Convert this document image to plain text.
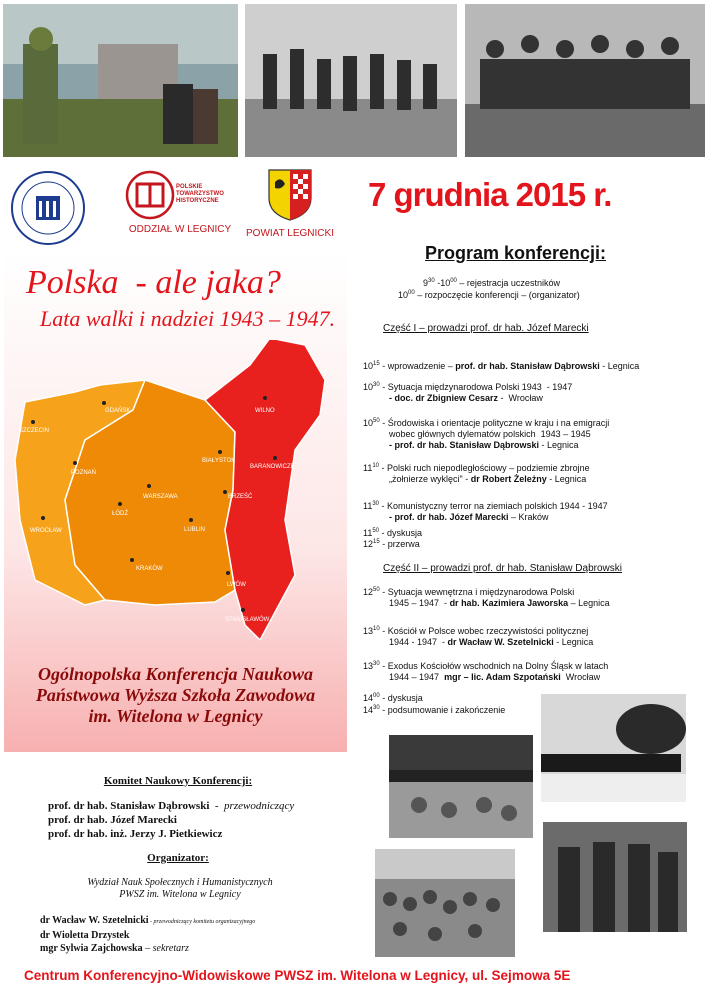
POLSKIE
TOWARZYSTWO
HISTORYCZNE
ODDZIAŁ W LEGNICY	POWIAT LEGNICKI
7 grudnia 2015 r.
Polska  - ale jaka?
Lata walki i nadziei 1943 – 1947.
GDAŃSK
SZCZECIN
WILNO
BIAŁYSTOK
BARANOWICZE
POZNAŃ
WARSZAWA	BRZEŚĆ
ŁÓDŹ
WROCŁAW	LUBLIN
KRAKÓW
LWÓW
STANISŁAWÓW
Ogólnopolska Konferencja Naukowa
Państwowa Wyższa Szkoła Zawodowa
im. Witelona w Legnicy
Program konferencji:
$9^{30}$ $-10^{00}$ – rejestracja uczestników
$10^{00}$ – rozpoczęcie konferencji – (organizator)
Część I – prowadzi prof. dr hab. Józef Marecki
$10^{15}$ - wprowadzenie – prof. dr hab. Stanisław Dąbrowski - Legnica
$10^{30}$ - Sytuacja międzynarodowa Polski 1943  - 1947
- doc. dr Zbigniew Cesarz -  Wrocław
$10^{50}$ - Środowiska i orientacje polityczne w kraju i na emigracji
wobec głównych dylematów polskich  1943 – 1945
- prof. dr hab. Stanisław Dąbrowski - Legnica
$11^{10}$ - Polski ruch niepodległościowy – podziemie zbrojne
„żołnierze wyklęci" - dr Robert Żeleżny - Legnica
$11^{30}$ - Komunistyczny terror na ziemiach polskich 1944 - 1947
- prof. dr hab. Józef Marecki – Kraków
$11^{50}$ - dyskusja
$12^{15}$ - przerwa
$12^{50}$ - Sytuacja wewnętrzna i międzynarodowa Polski
1945 – 1947  - dr hab. Kazimiera Jaworska – Legnica
$13^{10}$ - Kościół w Polsce wobec rzeczywistości politycznej
1944 - 1947  - dr Wacław W. Szetelnicki - Legnica
$13^{30}$ - Exodus Kościołów wschodnich na Dolny Śląsk w latach
1944 – 1947  mgr – lic. Adam Szpotański  Wrocław
$14^{00}$ - dyskusja
$14^{30}$ - podsumowanie i zakończenie
Część II – prowadzi prof. dr hab. Stanisław Dąbrowski
Komitet Naukowy Konferencji:
prof. dr hab. Stanisław Dąbrowski  -  przewodniczący
prof. dr hab. Józef Marecki
prof. dr hab. inż. Jerzy J. Pietkiewicz
Organizator:
Wydział Nauk Społecznych i Humanistycznych
PWSZ im. Witelona w Legnicy
dr Wacław W. Szetelnicki - przewodniczący komitetu organizacyjnego
dr Wioletta Drzystek
mgr Sylwia Zajchowska – sekretarz
Centrum Konferencyjno-Widowiskowe PWSZ im. Witelona w Legnicy, ul. Sejmowa 5E
